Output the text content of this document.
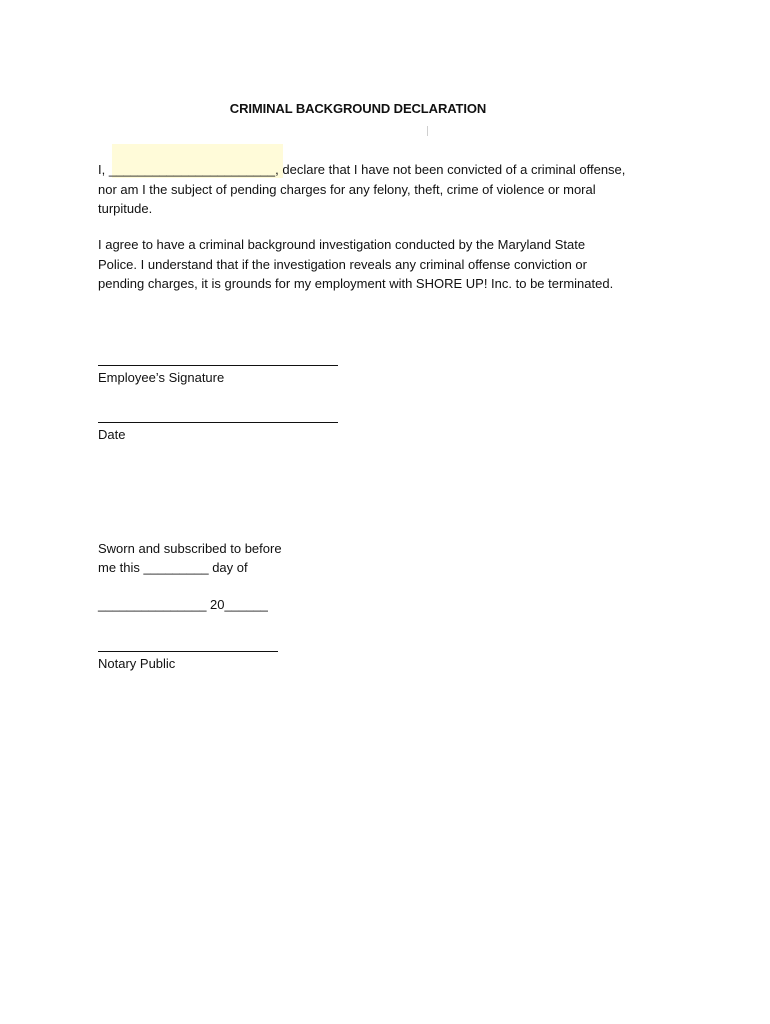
CRIMINAL BACKGROUND DECLARATION
I, _______________________, declare that I have not been convicted of a criminal offense,
nor am I the subject of pending charges for any felony, theft, crime of violence or moral
turpitude.
I agree to have a criminal background investigation conducted by the Maryland State
Police. I understand that if the investigation reveals any criminal offense conviction or
pending charges, it is grounds for my employment with SHORE UP! Inc. to be terminated.
Employee’s Signature
Date
Sworn and subscribed to before
me this _________ day of
_______________ 20______
Notary Public
